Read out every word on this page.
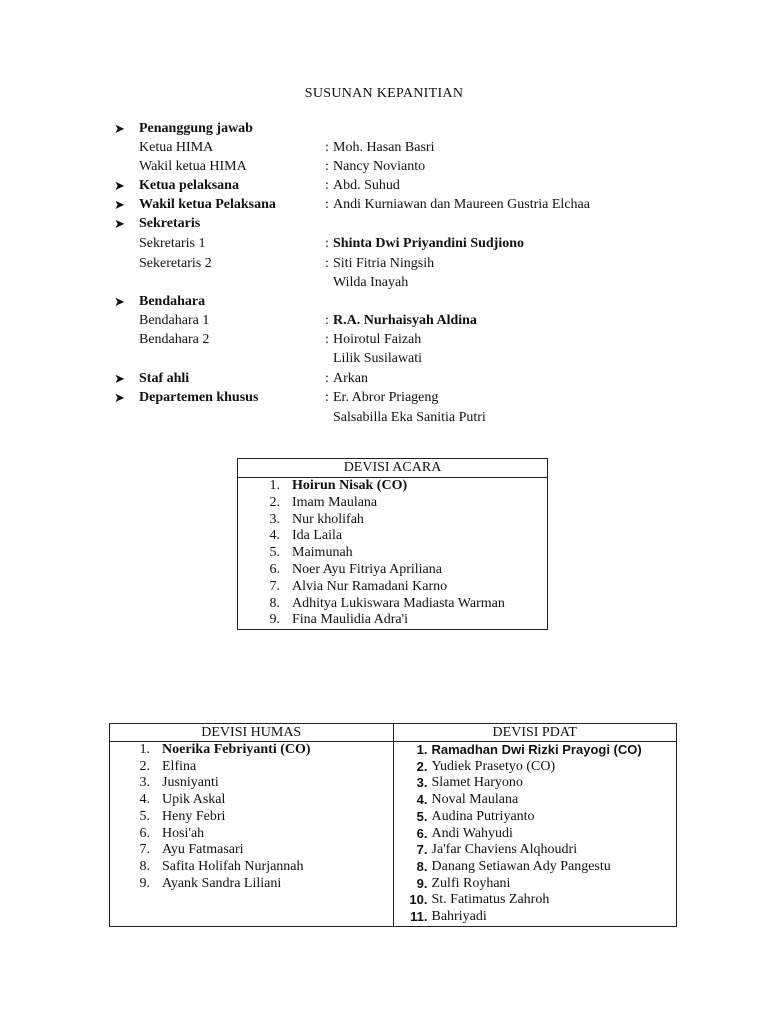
SUSUNAN KEPANITIAN
➤ Penanggung jawab
Ketua HIMA	: Moh. Hasan Basri
Wakil ketua HIMA	: Nancy Novianto
➤ Ketua pelaksana	: Abd. Suhud
➤ Wakil ketua Pelaksana	: Andi Kurniawan dan Maureen Gustria Elchaa
➤ Sekretaris
Sekretaris 1	: Shinta Dwi Priyandini Sudjiono
Sekeretaris 2	: Siti Fitria Ningsih
Wilda Inayah
➤ Bendahara
Bendahara 1	: R.A. Nurhaisyah Aldina
Bendahara 2	: Hoirotul Faizah
Lilik Susilawati
➤ Staf ahli	: Arkan
➤ Departemen khusus	: Er. Abror Priageng
Salsabilla Eka Sanitia Putri
DEVISI ACARA	
1.	Hoirun Nisak (CO)
2.	Imam Maulana
3.	Nur kholifah
4.	Ida Laila
5.	Maimunah
6.	Noer Ayu Fitriya Apriliana
7.	Alvia Nur Ramadani Karno
8.	Adhitya Lukiswara Madiasta Warman
9.	Fina Maulidia Adra'i
DEVISI HUMAS	DEVISI PDAT

1.	Noerika Febriyanti (CO)
2.	Elfina
3.	Jusniyanti
4.	Upik Askal
5.	Heny Febri
6.	Hosi'ah
7.	Ayu Fatmasari
8.	Safita Holifah Nurjannah
9.	Ayank Sandra Liliani

1.	Ramadhan Dwi Rizki Prayogi (CO)
2.	Yudiek Prasetyo (CO)
3.	Slamet Haryono
4.	Noval Maulana
5.	Audina Putriyanto
6.	Andi Wahyudi
7.	Ja'far Chaviens Alqhoudri
8.	Danang Setiawan Ady Pangestu
9.	Zulfi Royhani
10.	St. Fatimatus Zahroh
11.	Bahriyadi
